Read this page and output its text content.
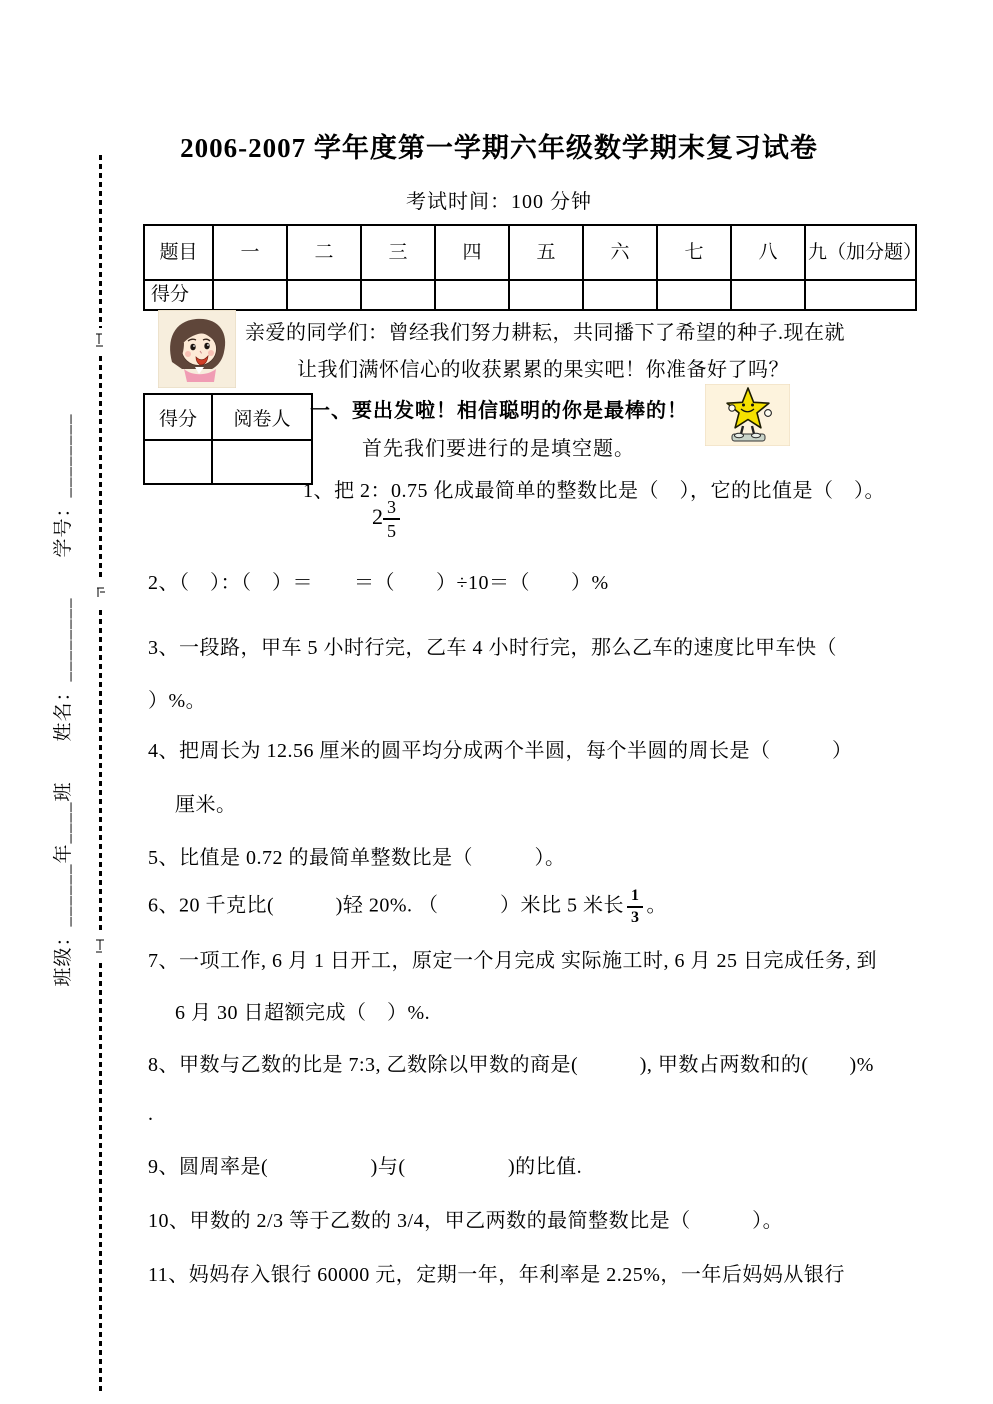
班级：______年____班　　姓名：________　　学号：________
2006-2007 学年度第一学期六年级数学期末复习试卷
考试时间：100 分钟
题目	一	二	三	四	五	六	七	八	九（加分题）
得分									
亲爱的同学们：曾经我们努力耕耘，共同播下了希望的种子.现在就
让我们满怀信心的收获累累的果实吧！你准备好了吗？
得分	阅卷人
	一、要出发啦！相信聪明的你是最棒的！
首先我们要进行的是填空题。
1、把 2：0.75 化成最简单的整数比是（　），它的比值是（　）。
$2 \frac{3}{5}$
2、（　）：（　）＝　　＝（　　）÷10＝（　　）%
3、一段路，甲车 5 小时行完，乙车 4 小时行完，那么乙车的速度比甲车快（
）%。
4、把周长为 12.56 厘米的圆平均分成两个半圆，每个半圆的周长是（　　　）
厘米。
5、比值是 0.72 的最简单整数比是（　　　）。
6、20 千克比(　　　)轻 20%. （　　　）米比 5 米长 $\frac{1}{3}$ 。
7、一项工作, 6 月 1 日开工，原定一个月完成 实际施工时, 6 月 25 日完成任务, 到
6 月 30 日超额完成（　）%.
8、甲数与乙数的比是 7:3, 乙数除以甲数的商是(　　　), 甲数占两数和的(　　)%
.
9、圆周率是(　　　　　)与(　　　　　)的比值.
10、甲数的 2/3 等于乙数的 3/4，甲乙两数的最简整数比是（　　　）。
11、妈妈存入银行 60000 元，定期一年，年利率是 2.25%，一年后妈妈从银行
